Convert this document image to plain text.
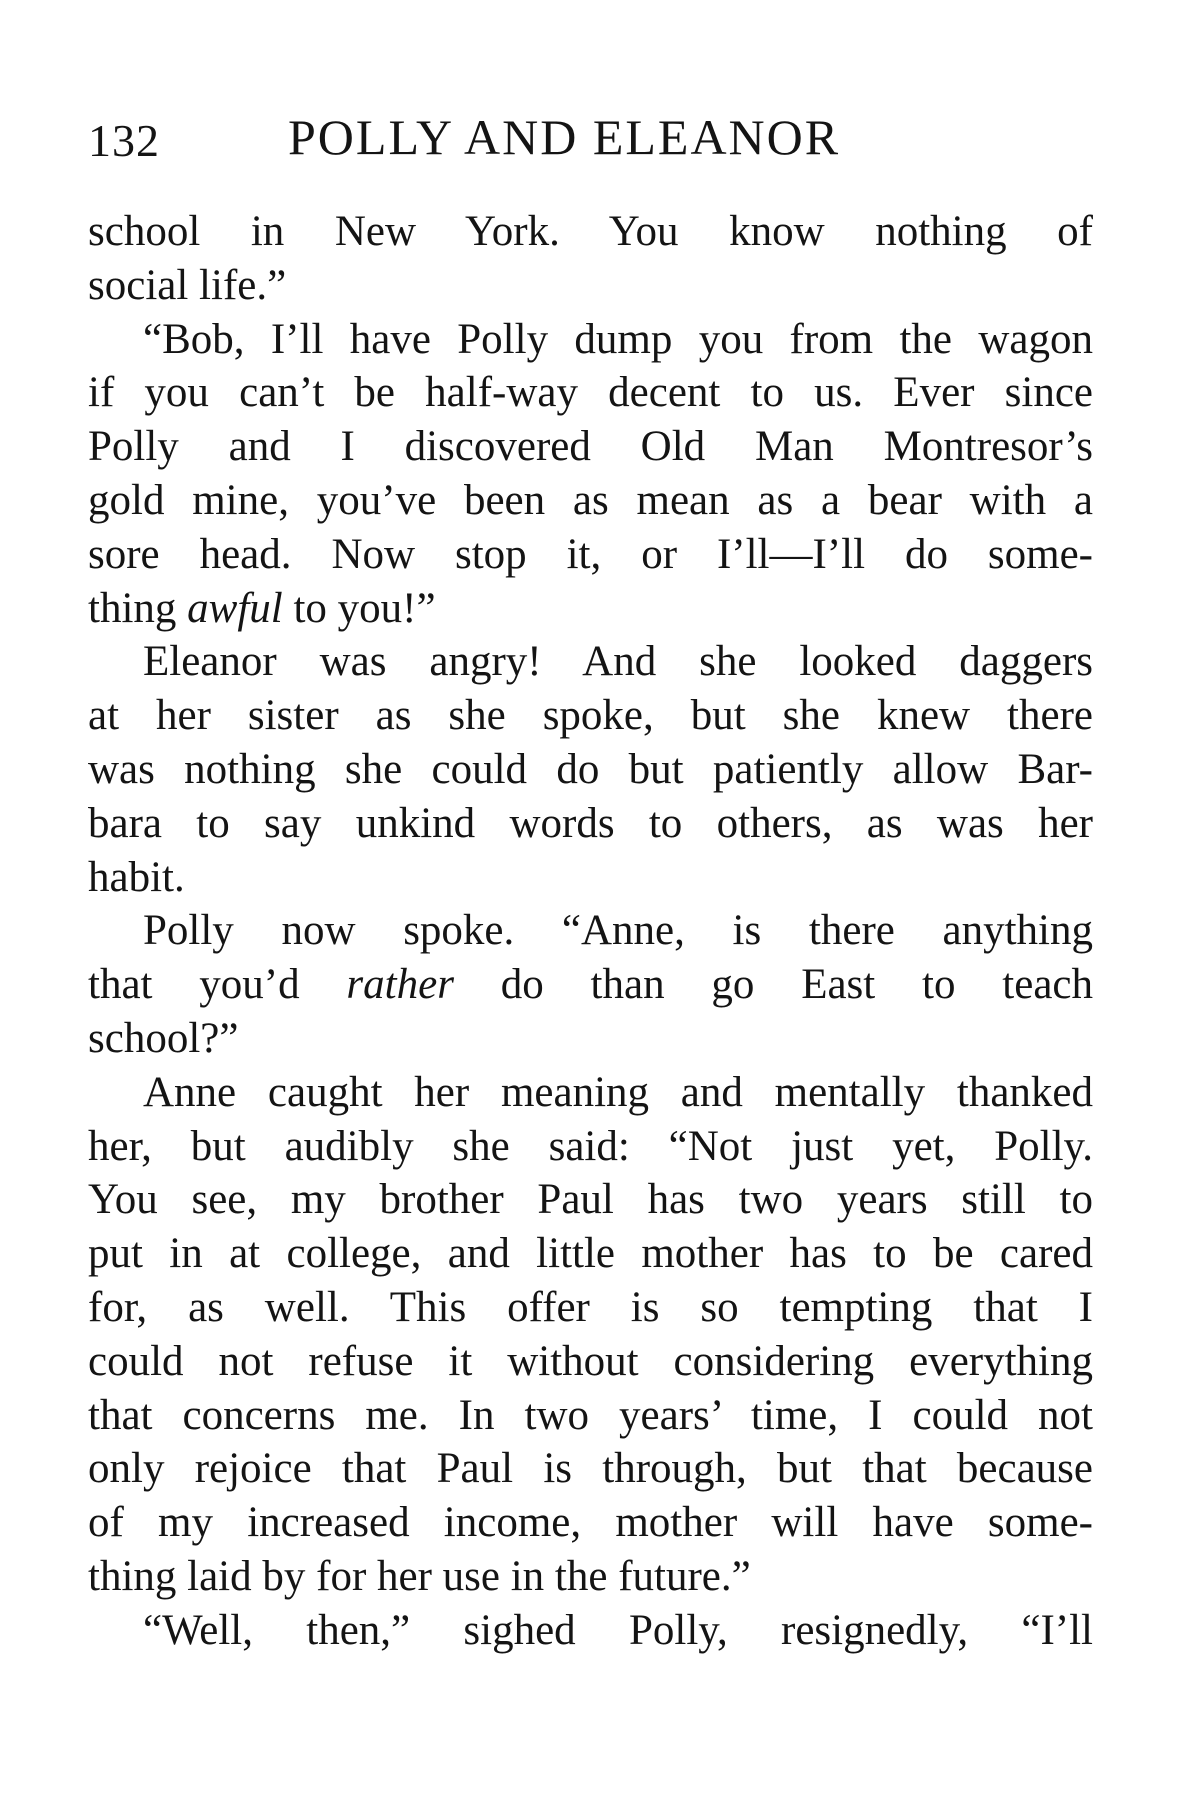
132	POLLY AND ELEANOR
school in New York. You know nothing of
social life.”
“Bob, I’ll have Polly dump you from the wagon
if you can’t be half-way decent to us. Ever since
Polly and I discovered Old Man Montresor’s
gold mine, you’ve been as mean as a bear with a
sore head. Now stop it, or I’ll—I’ll do some-
thing awful to you!”
Eleanor was angry! And she looked daggers
at her sister as she spoke, but she knew there
was nothing she could do but patiently allow Bar-
bara to say unkind words to others, as was her
habit.
Polly now spoke. “Anne, is there anything
that you’d rather do than go East to teach
school?”
Anne caught her meaning and mentally thanked
her, but audibly she said: “Not just yet, Polly.
You see, my brother Paul has two years still to
put in at college, and little mother has to be cared
for, as well. This offer is so tempting that I
could not refuse it without considering everything
that concerns me. In two years’ time, I could not
only rejoice that Paul is through, but that because
of my increased income, mother will have some-
thing laid by for her use in the future.”
“Well, then,” sighed Polly, resignedly, “I’ll
